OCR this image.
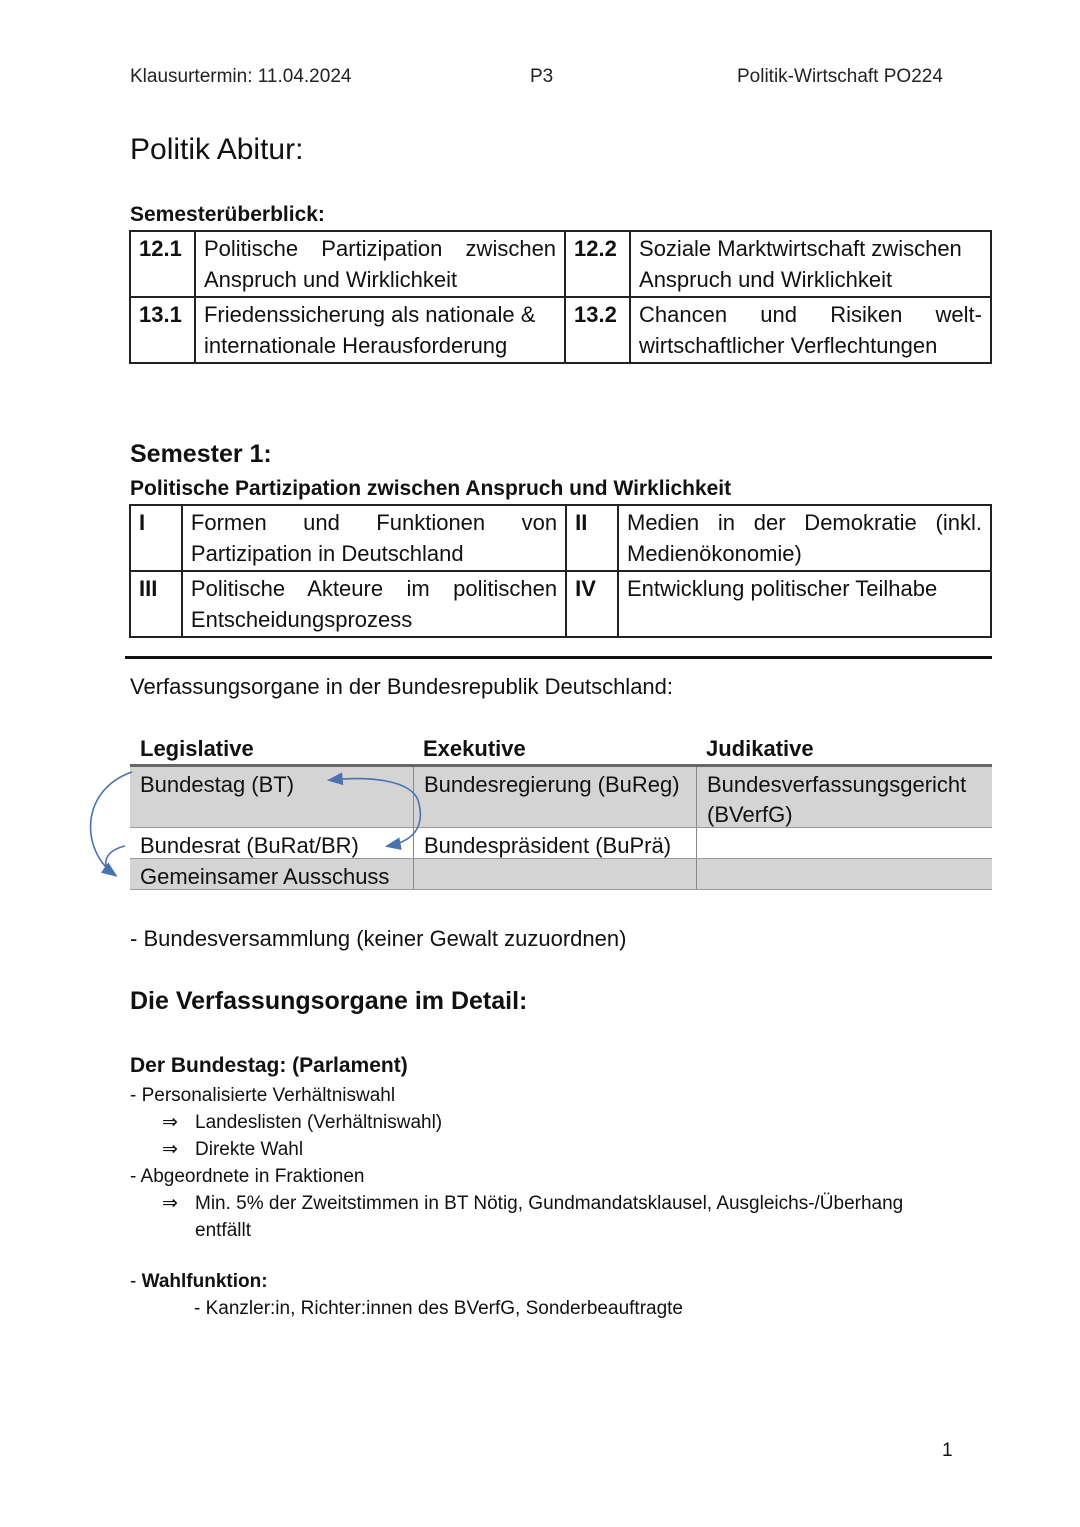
Klausurtermin: 11.04.2024	P3	Politik-Wirtschaft PO224
Politik Abitur:
Semesterüberblick:
12.1	Politische Partizipation zwischen Anspruch und Wirklichkeit	12.2	Soziale Marktwirtschaft zwischen Anspruch und Wirklichkeit
13.1	Friedenssicherung als nationale & internationale Herausforderung	13.2	Chancen und Risiken welt-wirtschaftlicher Verflechtungen
Semester 1:
Politische Partizipation zwischen Anspruch und Wirklichkeit
I	Formen und Funktionen von Partizipation in Deutschland	II	Medien in der Demokratie (inkl. Medienökonomie)
III	Politische Akteure im politischen Entscheidungsprozess	IV	Entwicklung politischer Teilhabe
Verfassungsorgane in der Bundesrepublik Deutschland:
Legislative	Exekutive	Judikative
Bundestag (BT)	Bundesregierung (BuReg)	Bundesverfassungsgericht (BVerfG)
Bundesrat (BuRat/BR)	Bundespräsident (BuPrä)
Gemeinsamer Ausschuss
- Bundesversammlung (keiner Gewalt zuzuordnen)
Die Verfassungsorgane im Detail:
Der Bundestag: (Parlament)
- Personalisierte Verhältniswahl
⇒ Landeslisten (Verhältniswahl)
⇒ Direkte Wahl
- Abgeordnete in Fraktionen
⇒ Min. 5% der Zweitstimmen in BT Nötig, Gundmandatsklausel, Ausgleichs-/Überhang entfällt
- Wahlfunktion:
- Kanzler:in, Richter:innen des BVerfG, Sonderbeauftragte
1
